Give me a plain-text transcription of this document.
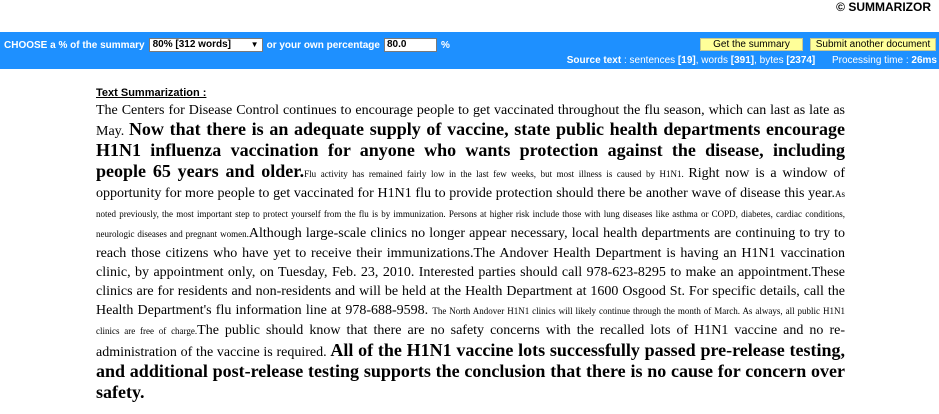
© SUMMARIZOR
CHOOSE a % of the summary 80% [312 words] ▼ or your own percentage 80.0	%	Get the summary	Submit another document
Source text : sentences [19], words [391], bytes [2374] Processing time : 26ms
Text Summarization :

The Centers for Disease Control continues to encourage people to get vaccinated throughout the flu season, which can last as late as May. Now that there is an adequate supply of vaccine, state public health departments encourage H1N1 influenza vaccination for anyone who wants protection against the disease, including people 65 years and older.Flu activity has remained fairly low in the last few weeks, but most illness is caused by H1N1. Right now is a window of opportunity for more people to get vaccinated for H1N1 flu to provide protection should there be another wave of disease this year.As noted previously, the most important step to protect yourself from the flu is by immunization. Persons at higher risk include those with lung diseases like asthma or COPD, diabetes, cardiac conditions, neurologic diseases and pregnant women.Although large-scale clinics no longer appear necessary, local health departments are continuing to try to reach those citizens who have yet to receive their immunizations.The Andover Health Department is having an H1N1 vaccination clinic, by appointment only, on Tuesday, Feb. 23, 2010. Interested parties should call 978-623-8295 to make an appointment.These clinics are for residents and non-residents and will be held at the Health Department at 1600 Osgood St. For specific details, call the Health Department's flu information line at 978-688-9598. The North Andover H1N1 clinics will likely continue through the month of March. As always, all public H1N1 clinics are free of charge.The public should know that there are no safety concerns with the recalled lots of H1N1 vaccine and no re-administration of the vaccine is required. All of the H1N1 vaccine lots successfully passed pre-release testing, and additional post-release testing supports the conclusion that there is no cause for concern over safety.
